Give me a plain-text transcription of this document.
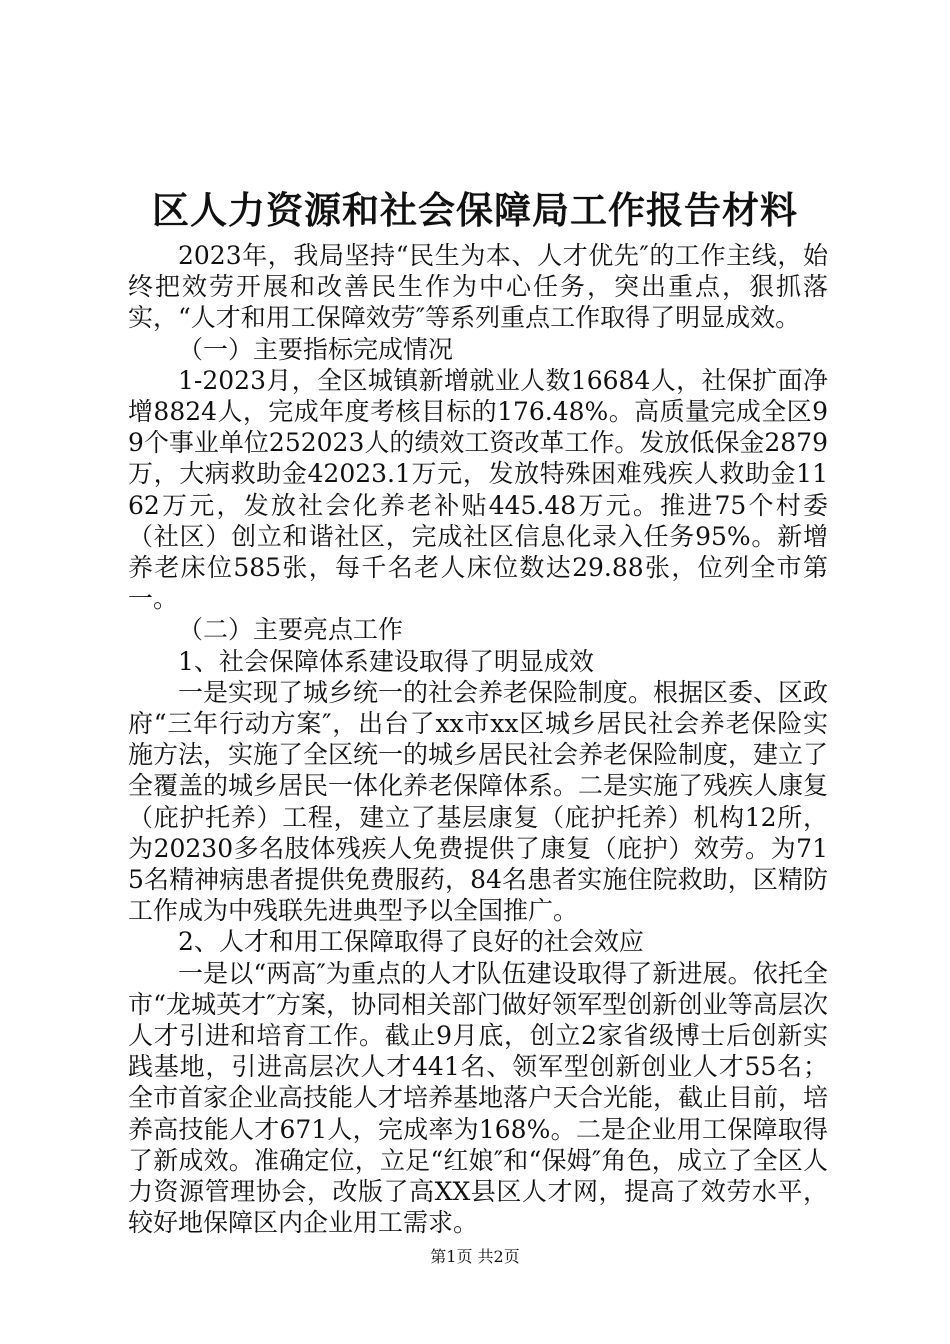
区人力资源和社会保障局工作报告材料

2023年，我局坚持“民生为本、人才优先″的工作主线，始终把效劳开展和改善民生作为中心任务，突出重点，狠抓落实，“人才和用工保障效劳″等系列重点工作取得了明显成效。

（一）主要指标完成情况

1-2023月，全区城镇新增就业人数16684人，社保扩面净增8824人，完成年度考核目标的176.48%。高质量完成全区99个事业单位252023人的绩效工资改革工作。发放低保金2879万，大病救助金42023.1万元，发放特殊困难残疾人救助金1162万元，发放社会化养老补贴445.48万元。推进75个村委（社区）创立和谐社区，完成社区信息化录入任务95%。新增养老床位585张，每千名老人床位数达29.88张，位列全市第一。

（二）主要亮点工作

1、社会保障体系建设取得了明显成效

一是实现了城乡统一的社会养老保险制度。根据区委、区政府“三年行动方案″，出台了xx市xx区城乡居民社会养老保险实施方法，实施了全区统一的城乡居民社会养老保险制度，建立了全覆盖的城乡居民一体化养老保障体系。二是实施了残疾人康复（庇护托养）工程，建立了基层康复（庇护托养）机构12所，为20230多名肢体残疾人免费提供了康复（庇护）效劳。为715名精神病患者提供免费服药，84名患者实施住院救助，区精防工作成为中残联先进典型予以全国推广。

2、人才和用工保障取得了良好的社会效应

一是以“两高″为重点的人才队伍建设取得了新进展。依托全市“龙城英才″方案，协同相关部门做好领军型创新创业等高层次人才引进和培育工作。截止9月底，创立2家省级博士后创新实践基地，引进高层次人才441名、领军型创新创业人才55名；全市首家企业高技能人才培养基地落户天合光能，截止目前，培养高技能人才671人，完成率为168%。二是企业用工保障取得了新成效。准确定位，立足“红娘″和“保姆″角色，成立了全区人力资源管理协会，改版了高XX县区人才网，提高了效劳水平，较好地保障区内企业用工需求。

第1页 共2页
